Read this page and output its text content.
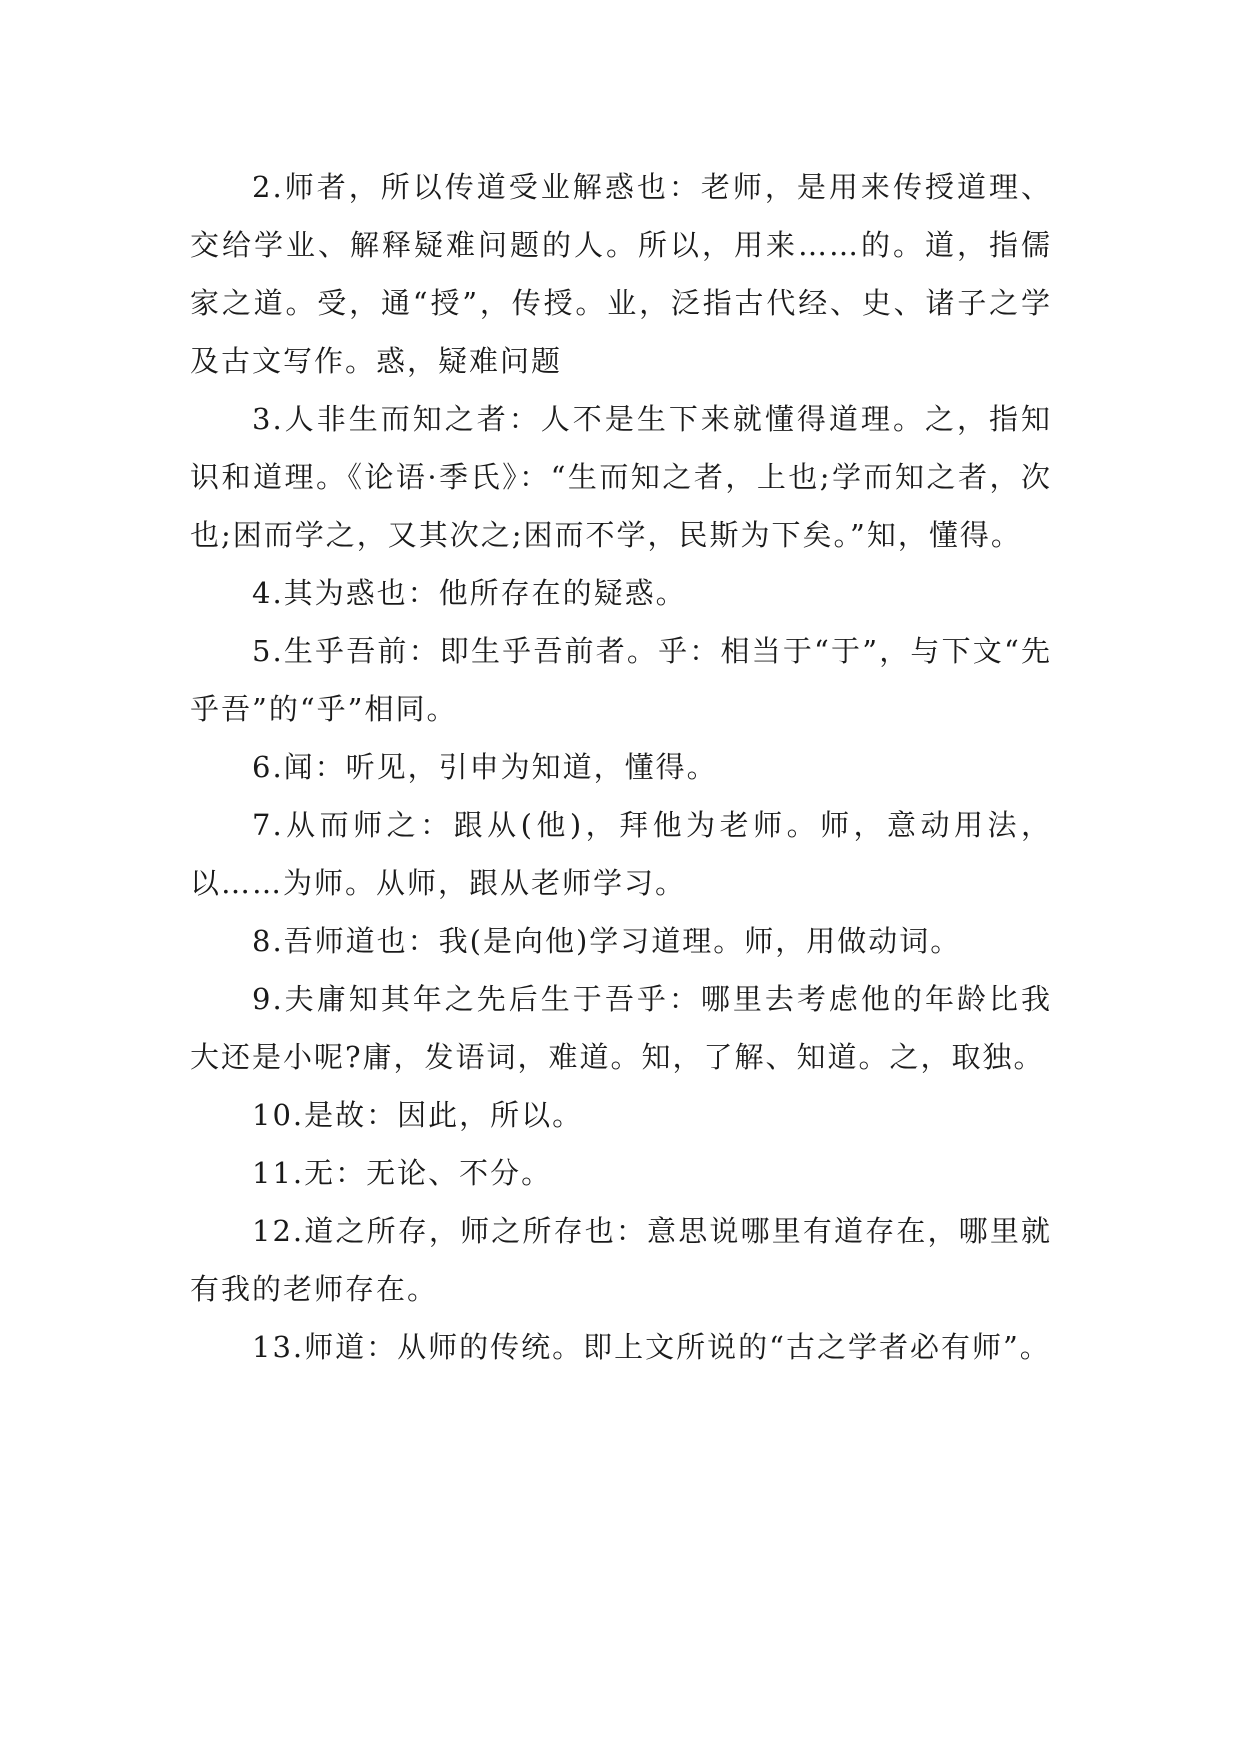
2.师者，所以传道受业解惑也：老师，是用来传授道理、交给学业、解释疑难问题的人。所以，用来……的。道，指儒家之道。受，通“授”，传授。业，泛指古代经、史、诸子之学及古文写作。惑，疑难问题

3.人非生而知之者：人不是生下来就懂得道理。之，指知识和道理。《论语·季氏》：“生而知之者，上也;学而知之者，次也;困而学之，又其次之;困而不学，民斯为下矣。”知，懂得。

4.其为惑也：他所存在的疑惑。

5.生乎吾前：即生乎吾前者。乎：相当于“于”，与下文“先乎吾”的“乎”相同。

6.闻：听见，引申为知道，懂得。

7.从而师之：跟从(他)，拜他为老师。师，意动用法，以……为师。从师，跟从老师学习。

8.吾师道也：我(是向他)学习道理。师，用做动词。

9.夫庸知其年之先后生于吾乎：哪里去考虑他的年龄比我大还是小呢?庸，发语词，难道。知，了解、知道。之，取独。

10.是故：因此，所以。

11.无：无论、不分。

12.道之所存，师之所存也：意思说哪里有道存在，哪里就有我的老师存在。

13.师道：从师的传统。即上文所说的“古之学者必有师”。
